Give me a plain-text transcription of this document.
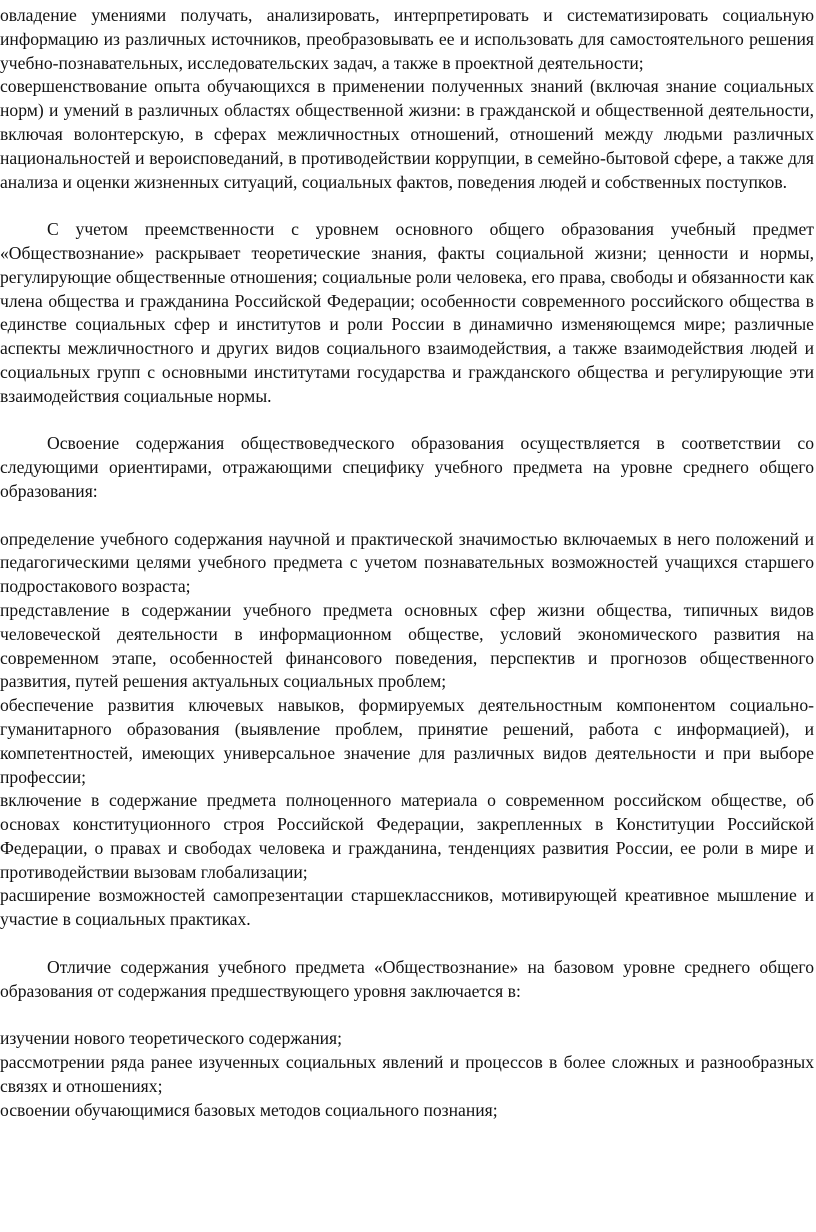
овладение умениями получать, анализировать, интерпретировать и систематизировать социальную информацию из различных источников, преобразовывать ее и использовать для самостоятельного решения учебно-познавательных, исследовательских задач, а также в проектной деятельности;

совершенствование опыта обучающихся в применении полученных знаний (включая знание социальных норм) и умений в различных областях общественной жизни: в гражданской и общественной деятельности, включая волонтерскую, в сферах межличностных отношений, отношений между людьми различных национальностей и вероисповеданий, в противодействии коррупции, в семейно-бытовой сфере, а также для анализа и оценки жизненных ситуаций, социальных фактов, поведения людей и собственных поступков.

С учетом преемственности с уровнем основного общего образования учебный предмет «Обществознание» раскрывает теоретические знания, факты социальной жизни; ценности и нормы, регулирующие общественные отношения; социальные роли человека, его права, свободы и обязанности как члена общества и гражданина Российской Федерации; особенности современного российского общества в единстве социальных сфер и институтов и роли России в динамично изменяющемся мире; различные аспекты межличностного и других видов социального взаимодействия, а также взаимодействия людей и социальных групп с основными институтами государства и гражданского общества и регулирующие эти взаимодействия социальные нормы.

Освоение содержания обществоведческого образования осуществляется в соответствии со следующими ориентирами, отражающими специфику учебного предмета на уровне среднего общего образования:

определение учебного содержания научной и практической значимостью включаемых в него положений и педагогическими целями учебного предмета с учетом познавательных возможностей учащихся старшего подростакового возраста;

представление в содержании учебного предмета основных сфер жизни общества, типичных видов человеческой деятельности в информационном обществе, условий экономического развития на современном этапе, особенностей финансового поведения, перспектив и прогнозов общественного развития, путей решения актуальных социальных проблем;

обеспечение развития ключевых навыков, формируемых деятельностным компонентом социально-гуманитарного образования (выявление проблем, принятие решений, работа с информацией), и компетентностей, имеющих универсальное значение для различных видов деятельности и при выборе профессии;

включение в содержание предмета полноценного материала о современном российском обществе, об основах конституционного строя Российской Федерации, закрепленных в Конституции Российской Федерации, о правах и свободах человека и гражданина, тенденциях развития России, ее роли в мире и противодействии вызовам глобализации;

расширение возможностей самопрезентации старшеклассников, мотивирующей креативное мышление и участие в социальных практиках.

Отличие содержания учебного предмета «Обществознание» на базовом уровне среднего общего образования от содержания предшествующего уровня заключается в:

изучении нового теоретического содержания;

рассмотрении ряда ранее изученных социальных явлений и процессов в более сложных и разнообразных связях и отношениях;

освоении обучающимися базовых методов социального познания;
